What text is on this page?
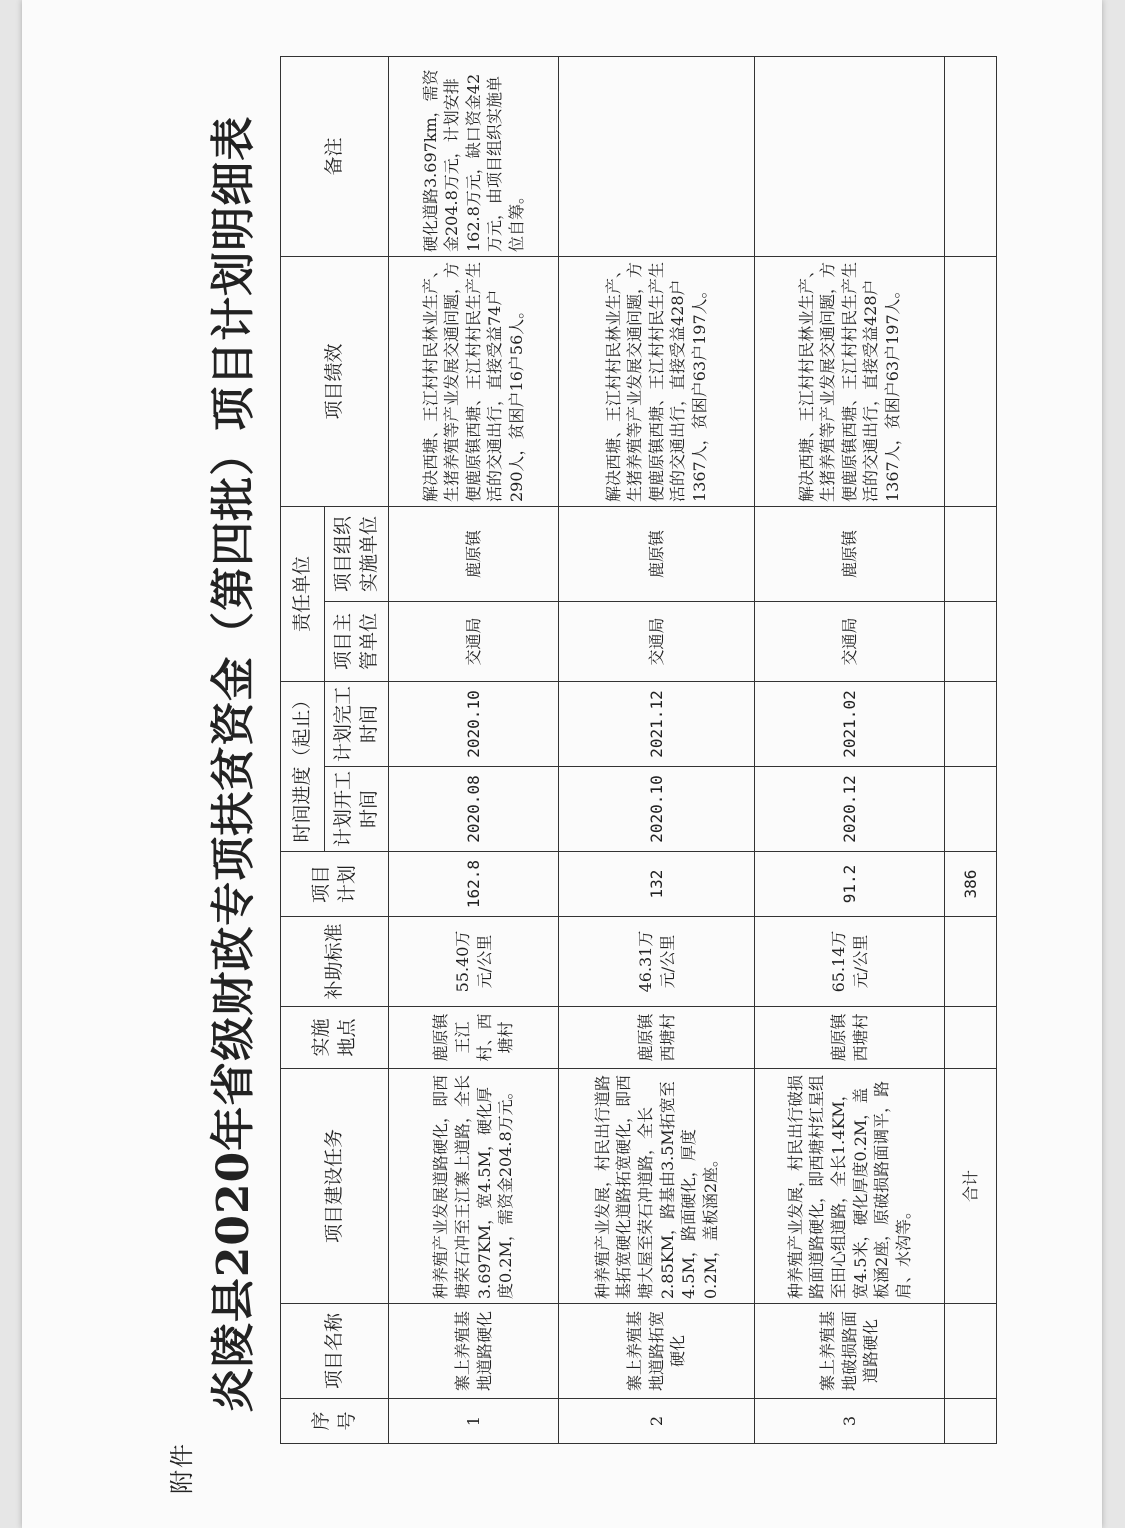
附件
炎陵县2020年省级财政专项扶贫资金（第四批）项目计划明细表
序号	项目名称	项目建设任务	实施地点	补助标准	项目计划	时间进度（起止）		责任单位		项目绩效	备注
						计划开工时间	计划完工时间	项目主管单位	项目组织实施单位		
1	寨上养殖基地道路硬化	种养殖产业发展道路硬化，即西塘荣石冲至王江寨上道路，全长3.697KM，宽4.5M，硬化厚度0.2M，需资金204.8万元。	鹿原镇王江村、西塘村	55.40万元/公里	162.8	2020.08	2020.10	交通局	鹿原镇	解决西塘、王江村村民林业生产、生猪养殖等产业发展交通问题，方便鹿原镇西塘、王江村村民生产生活的交通出行，直接受益74户290人，贫困户16户56人。	硬化道路3.697km，需资金204.8万元，计划安排162.8万元，缺口资金42万元，由项目组织实施单位自筹。
2	寨上养殖基地道路拓宽硬化	种养殖产业发展，村民出行道路基拓宽硬化道路拓宽硬化，即西塘大屋至荣石冲道路，全长2.85KM，路基由3.5M拓宽至4.5M，路面硬化，厚度0.2M，盖板涵2座。	鹿原镇西塘村	46.31万元/公里	132	2020.10	2021.12	交通局	鹿原镇	解决西塘、王江村村民林业生产、生猪养殖等产业发展交通问题，方便鹿原镇西塘、王江村村民生产生活的交通出行，直接受益428户1367人，贫困户63户197人。	
3	寨上养殖基地破损路面道路硬化	种养殖产业发展，村民出行破损路面道路硬化，即西塘村红星组至田心组道路，全长1.4KM，宽4.5米，硬化厚度0.2M，盖板涵2座，原破损路面调平，路肩、水沟等。	鹿原镇西塘村	65.14万元/公里	91.2	2020.12	2021.02	交通局	鹿原镇	解决西塘、王江村村民林业生产、生猪养殖等产业发展交通问题，方便鹿原镇西塘、王江村村民生产生活的交通出行，直接受益428户1367人，贫困户63户197人。	
		合计			386						
